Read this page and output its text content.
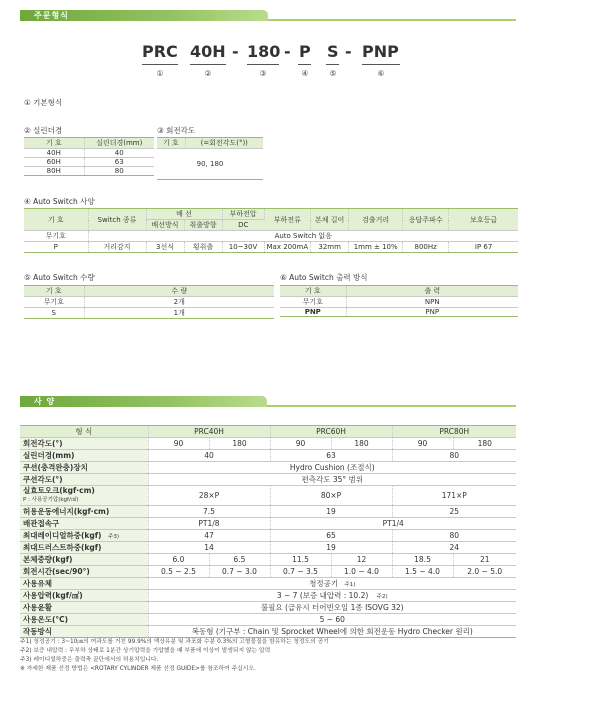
주문형식
PRC 40H - 180 - P S - PNP
①	②	③	④	⑤	⑥
① 기본형식
② 실린더경
기 호	실린더경(mm)
40H	40
60H	63
80H	80
③ 회전각도
기 호	(=회전각도(°))
90, 180
④ Auto Switch 사양
기 호	Switch 종류	배 선		부하전압	부하전류	본체 길이	검출거리	응답주파수	보호등급
		배선방식	취출방향	DC					
무기호	Auto Switch 없음								
P	거리감지	3선식	횡취출	10~30V	Max 200mA	32mm	1mm ± 10%	800Hz	IP 67
⑤ Auto Switch 수량
기 호	수 량
무기호	2개
S	1개
⑥ Auto Switch 출력 방식
기 호	출 력
무기호	NPN
PNP	PNP
사 양
형 식	PRC40H		PRC60H		PRC80H	
회전각도(°)	90	180	90	180	90	180
실린더경(mm)	40		63		80	
쿠션(충격완충)장치	Hydro Cushion (조절식)					
쿠션각도(°)	편측각도 35° 범위					
실효토오크(kgf·cm)
P : 사용공기압(kgf/㎠)	28×P		80×P		171×P	
허용운동에너지(kgf·cm)	7.5		19		25	
배관접속구	PT1/8		PT1/4			
최대레이디얼하중(kgf) 주3)	47		65		80	
최대드러스트하중(kgf)	14		19		24	
본체중량(kgf)	6.0	6.5	11.5	12	18.5	21
회전시간(sec/90°)	0.5 ~ 2.5	0.7 ~ 3.0	0.7 ~ 3.5	1.0 ~ 4.0	1.5 ~ 4.0	2.0 ~ 5.0
사용유체	청정공기 주1)					
사용압력(kgf/㎠)	3 ~ 7 (보증 내압력 : 10.2) 주2)					
사용윤활	불필요 (급유시 터어빈오일 1종 ISOVG 32)					
사용온도(°C)	5 ~ 60					
작동방식	복동형 (기구부 : Chain 및 Sprocket Wheel에 의한 회전운동 Hydro Checker 원리)					
주1) 청정공기 : 3~10㎛의 여과도를 거친 99.9%의 액상유분 및 과포화 수분 0.3%의 고형물질을 함유하는 청정도의 공기
주2) 보증 내압력 : 무부하 상태로 1분간 상기압력을 가압했을 때 부품에 이상이 발생되지 않는 압력
주3) 레이디얼하중은 출력축 끝단에서의 허용치입니다.
※ 자세한 제품 선정 방법은 <ROTARY CYLINDER 제품 선정 GUIDE>를 참조하여 주십시오.
